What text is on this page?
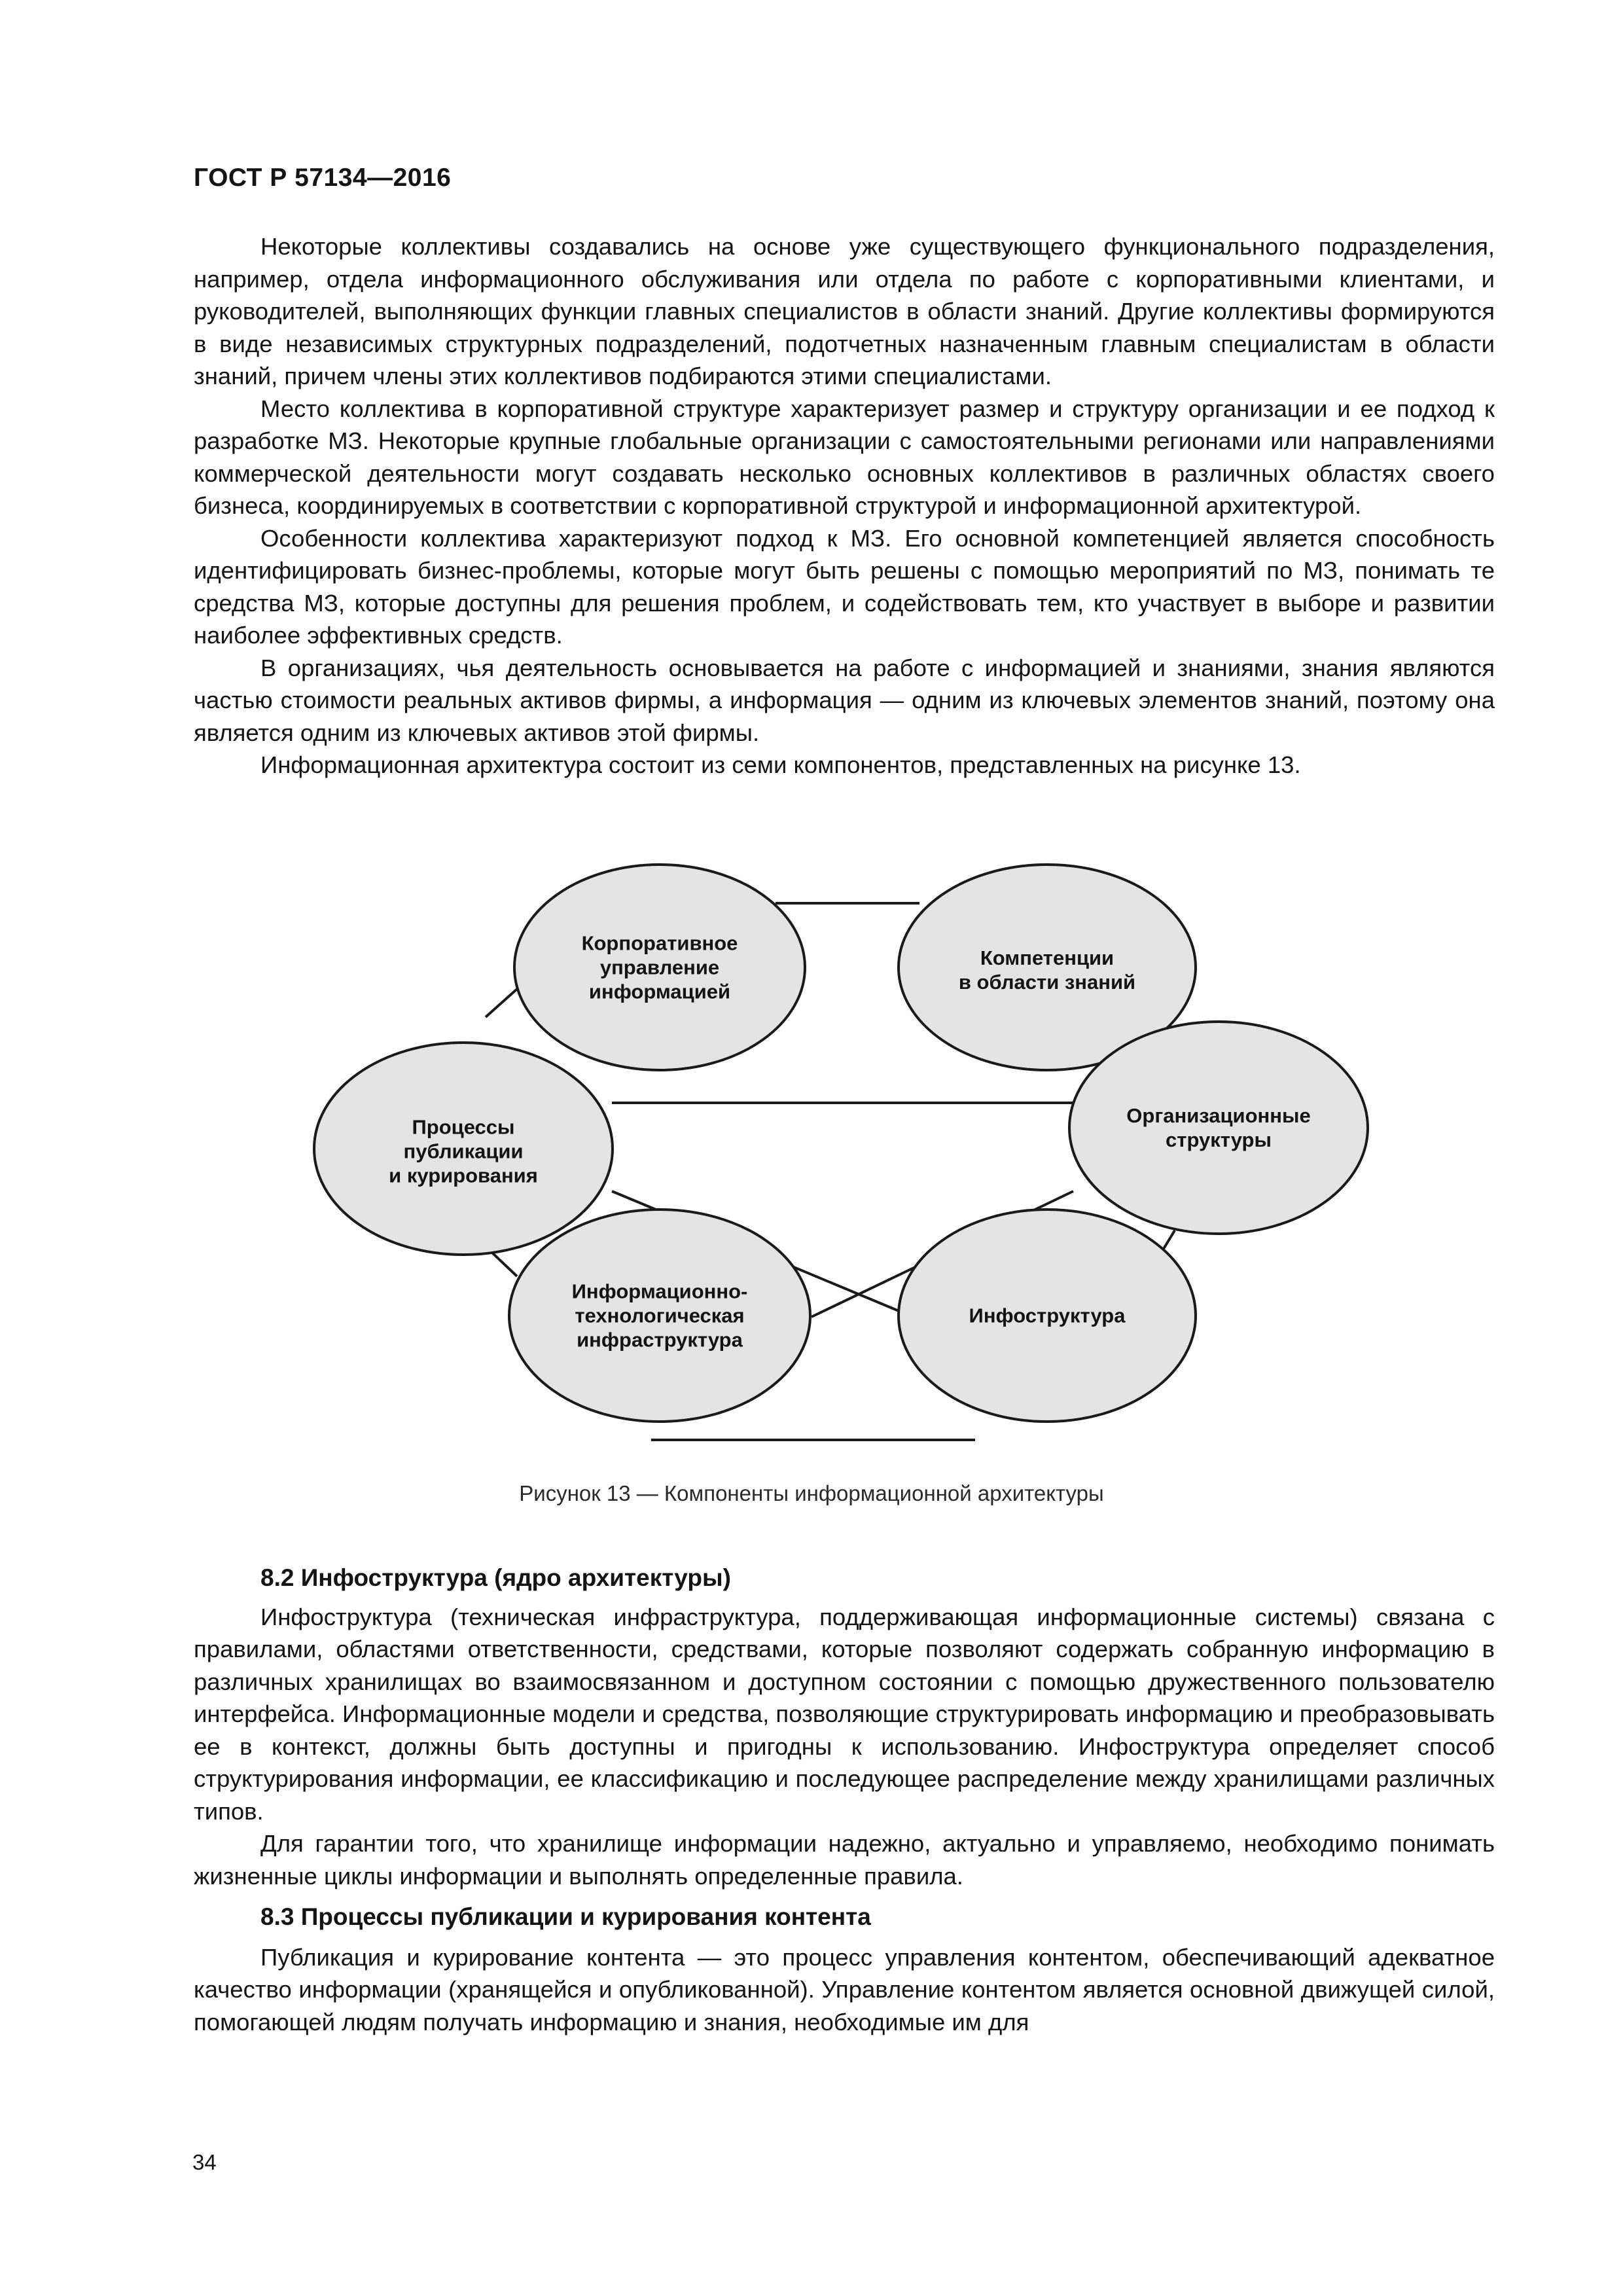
ГОСТ Р 57134—2016

Некоторые коллективы создавались на основе уже существующего функционального подразделения, например, отдела информационного обслуживания или отдела по работе с корпоративными клиентами, и руководителей, выполняющих функции главных специалистов в области знаний. Другие коллективы формируются в виде независимых структурных подразделений, подотчетных назначенным главным специалистам в области знаний, причем члены этих коллективов подбираются этими специалистами.

Место коллектива в корпоративной структуре характеризует размер и структуру организации и ее подход к разработке МЗ. Некоторые крупные глобальные организации с самостоятельными регионами или направлениями коммерческой деятельности могут создавать несколько основных коллективов в различных областях своего бизнеса, координируемых в соответствии с корпоративной структурой и информационной архитектурой.

Особенности коллектива характеризуют подход к МЗ. Его основной компетенцией является способность идентифицировать бизнес-проблемы, которые могут быть решены с помощью мероприятий по МЗ, понимать те средства МЗ, которые доступны для решения проблем, и содействовать тем, кто участвует в выборе и развитии наиболее эффективных средств.

В организациях, чья деятельность основывается на работе с информацией и знаниями, знания являются частью стоимости реальных активов фирмы, а информация — одним из ключевых элементов знаний, поэтому она является одним из ключевых активов этой фирмы.

Информационная архитектура состоит из семи компонентов, представленных на рисунке 13.

Корпоративное
управление
информацией
Компетенции
в области знаний
Процессы
публикации
и курирования
Организационные
структуры
Информационно-
технологическая
инфраструктура
Инфоструктура
Рисунок 13 — Компоненты информационной архитектуры

8.2 Инфоструктура (ядро архитектуры)

Инфоструктура (техническая инфраструктура, поддерживающая информационные системы) связана с правилами, областями ответственности, средствами, которые позволяют содержать собранную информацию в различных хранилищах во взаимосвязанном и доступном состоянии с помощью дружественного пользователю интерфейса. Информационные модели и средства, позволяющие структурировать информацию и преобразовывать ее в контекст, должны быть доступны и пригодны к использованию. Инфоструктура определяет способ структурирования информации, ее классификацию и последующее распределение между хранилищами различных типов.

Для гарантии того, что хранилище информации надежно, актуально и управляемо, необходимо понимать жизненные циклы информации и выполнять определенные правила.

8.3 Процессы публикации и курирования контента

Публикация и курирование контента — это процесс управления контентом, обеспечивающий адекватное качество информации (хранящейся и опубликованной). Управление контентом является основной движущей силой, помогающей людям получать информацию и знания, необходимые им для

34
